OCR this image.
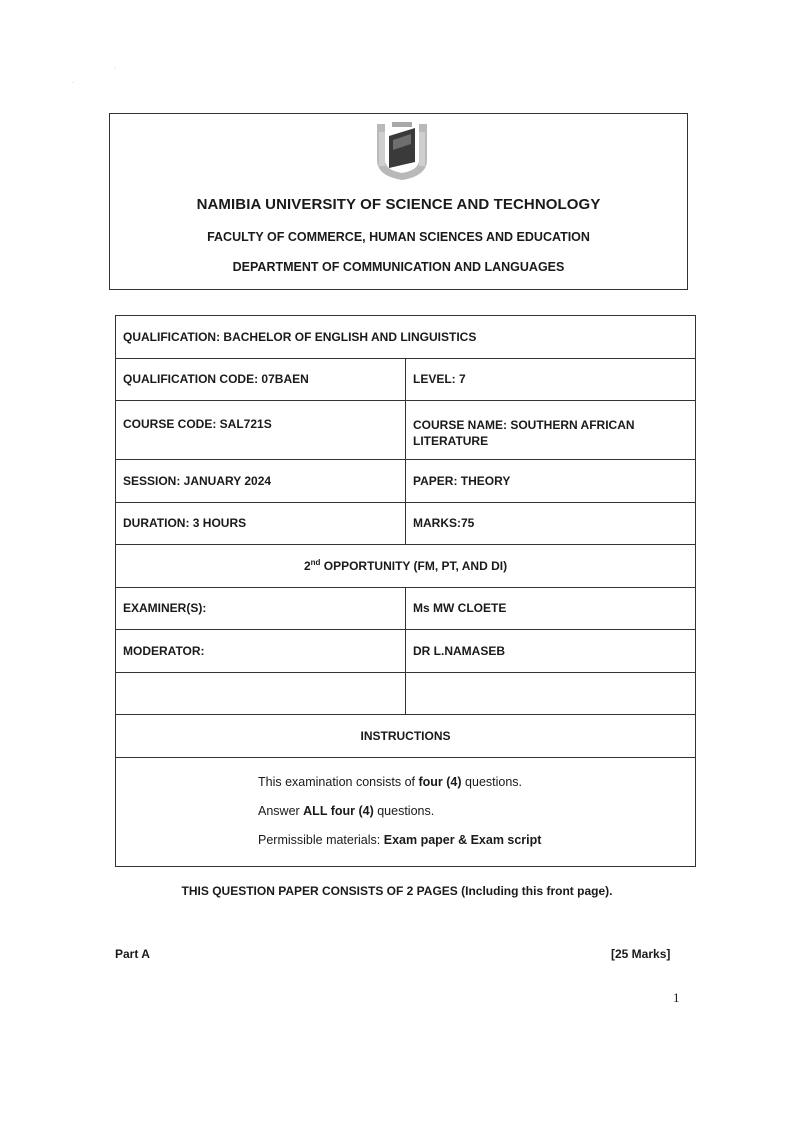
·
·
NAMIBIA UNIVERSITY OF SCIENCE AND TECHNOLOGY
FACULTY OF COMMERCE, HUMAN SCIENCES AND EDUCATION
DEPARTMENT OF COMMUNICATION AND LANGUAGES
QUALIFICATION: BACHELOR OF ENGLISH AND LINGUISTICS	
QUALIFICATION CODE: 07BAEN	LEVEL: 7
COURSE CODE: SAL721S	COURSE NAME: SOUTHERN AFRICAN LITERATURE
SESSION: JANUARY 2024	PAPER: THEORY
DURATION: 3 HOURS	MARKS:75
2nd OPPORTUNITY (FM, PT, AND DI)	
EXAMINER(S):	Ms MW CLOETE
MODERATOR:	DR L.NAMASEB

INSTRUCTIONS	

This examination consists of four (4) questions.

Answer ALL four (4) questions.

Permissible materials: Exam paper & Exam script	

THIS QUESTION PAPER CONSISTS OF 2 PAGES (Including this front page).
Part A	[25 Marks]
1
